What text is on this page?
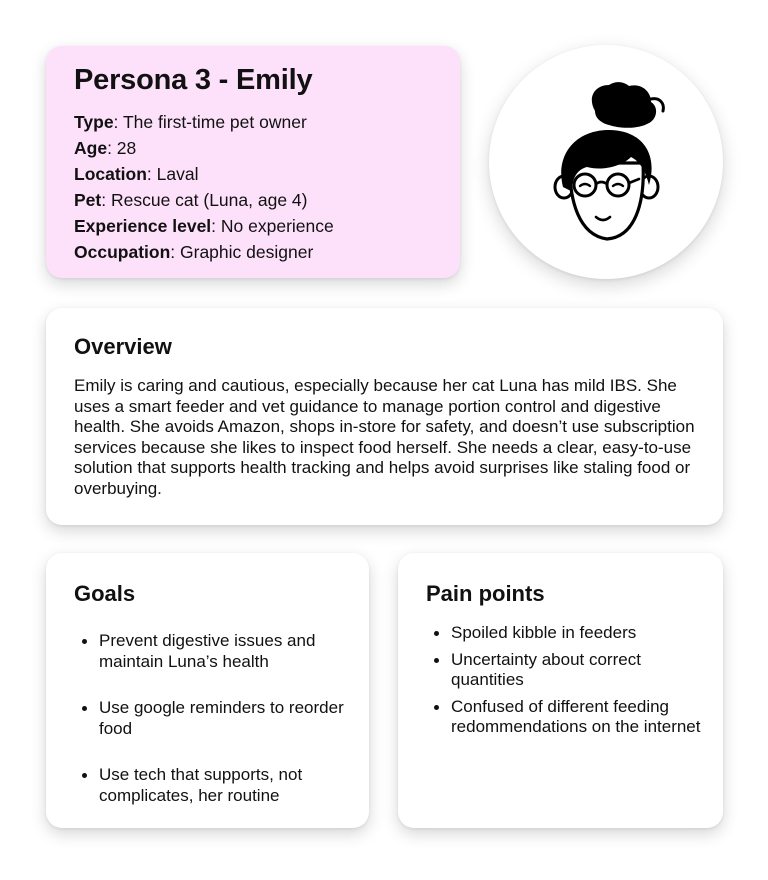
Persona 3 - Emily
Type: The first-time pet owner
Age: 28
Location: Laval
Pet: Rescue cat (Luna, age 4)
Experience level: No experience
Occupation: Graphic designer
Overview

Emily is caring and cautious, especially because her cat Luna has mild IBS. She uses a smart feeder and vet guidance to manage portion control and digestive health. She avoids Amazon, shops in-store for safety, and doesn’t use subscription services because she likes to inspect food herself. She needs a clear, easy-to-use solution that supports health tracking and helps avoid surprises like staling food or overbuying.

Goals
Prevent digestive issues and maintain Luna’s health
Use google reminders to reorder food
Use tech that supports, not complicates, her routine
Pain points
Spoiled kibble in feeders
Uncertainty about correct quantities
Confused of different feeding redommendations on the internet
